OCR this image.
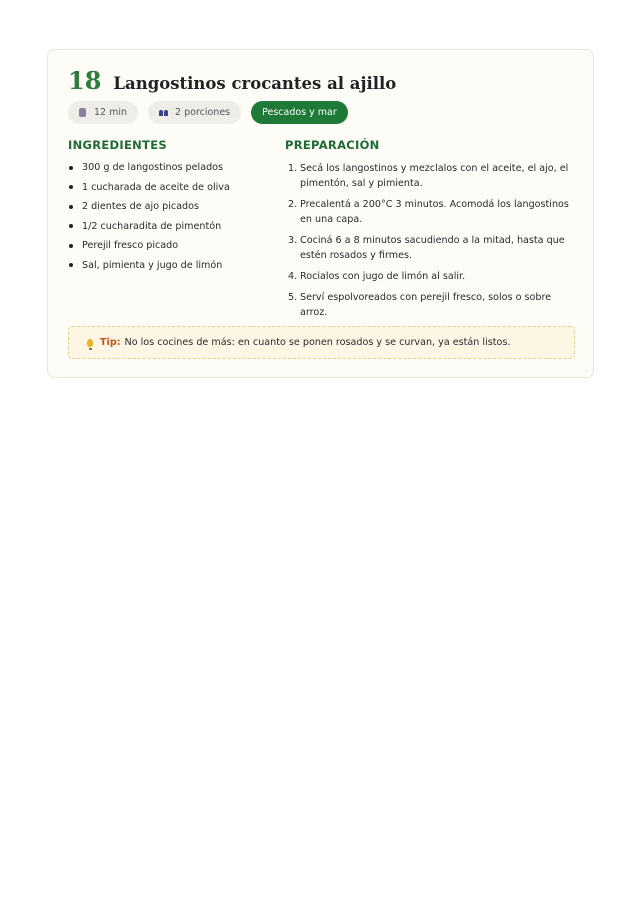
18 Langostinos crocantes al ajillo
12 min	2 porciones	Pescados y mar
INGREDIENTES	PREPARACIÓN
300 g de langostinos pelados
1 cucharada de aceite de oliva
2 dientes de ajo picados
1/2 cucharadita de pimentón
Perejil fresco picado
Sal, pimienta y jugo de limón
1. Secá los langostinos y mezclalos con el aceite, el ajo, el pimentón, sal y pimienta.
2. Precalentá a 200°C 3 minutos. Acomodá los langostinos en una capa.
3. Cociná 6 a 8 minutos sacudiendo a la mitad, hasta que estén rosados y firmes.
4. Rocialos con jugo de limón al salir.
5. Serví espolvoreados con perejil fresco, solos o sobre arroz.
Tip: No los cocines de más: en cuanto se ponen rosados y se curvan, ya están listos.
